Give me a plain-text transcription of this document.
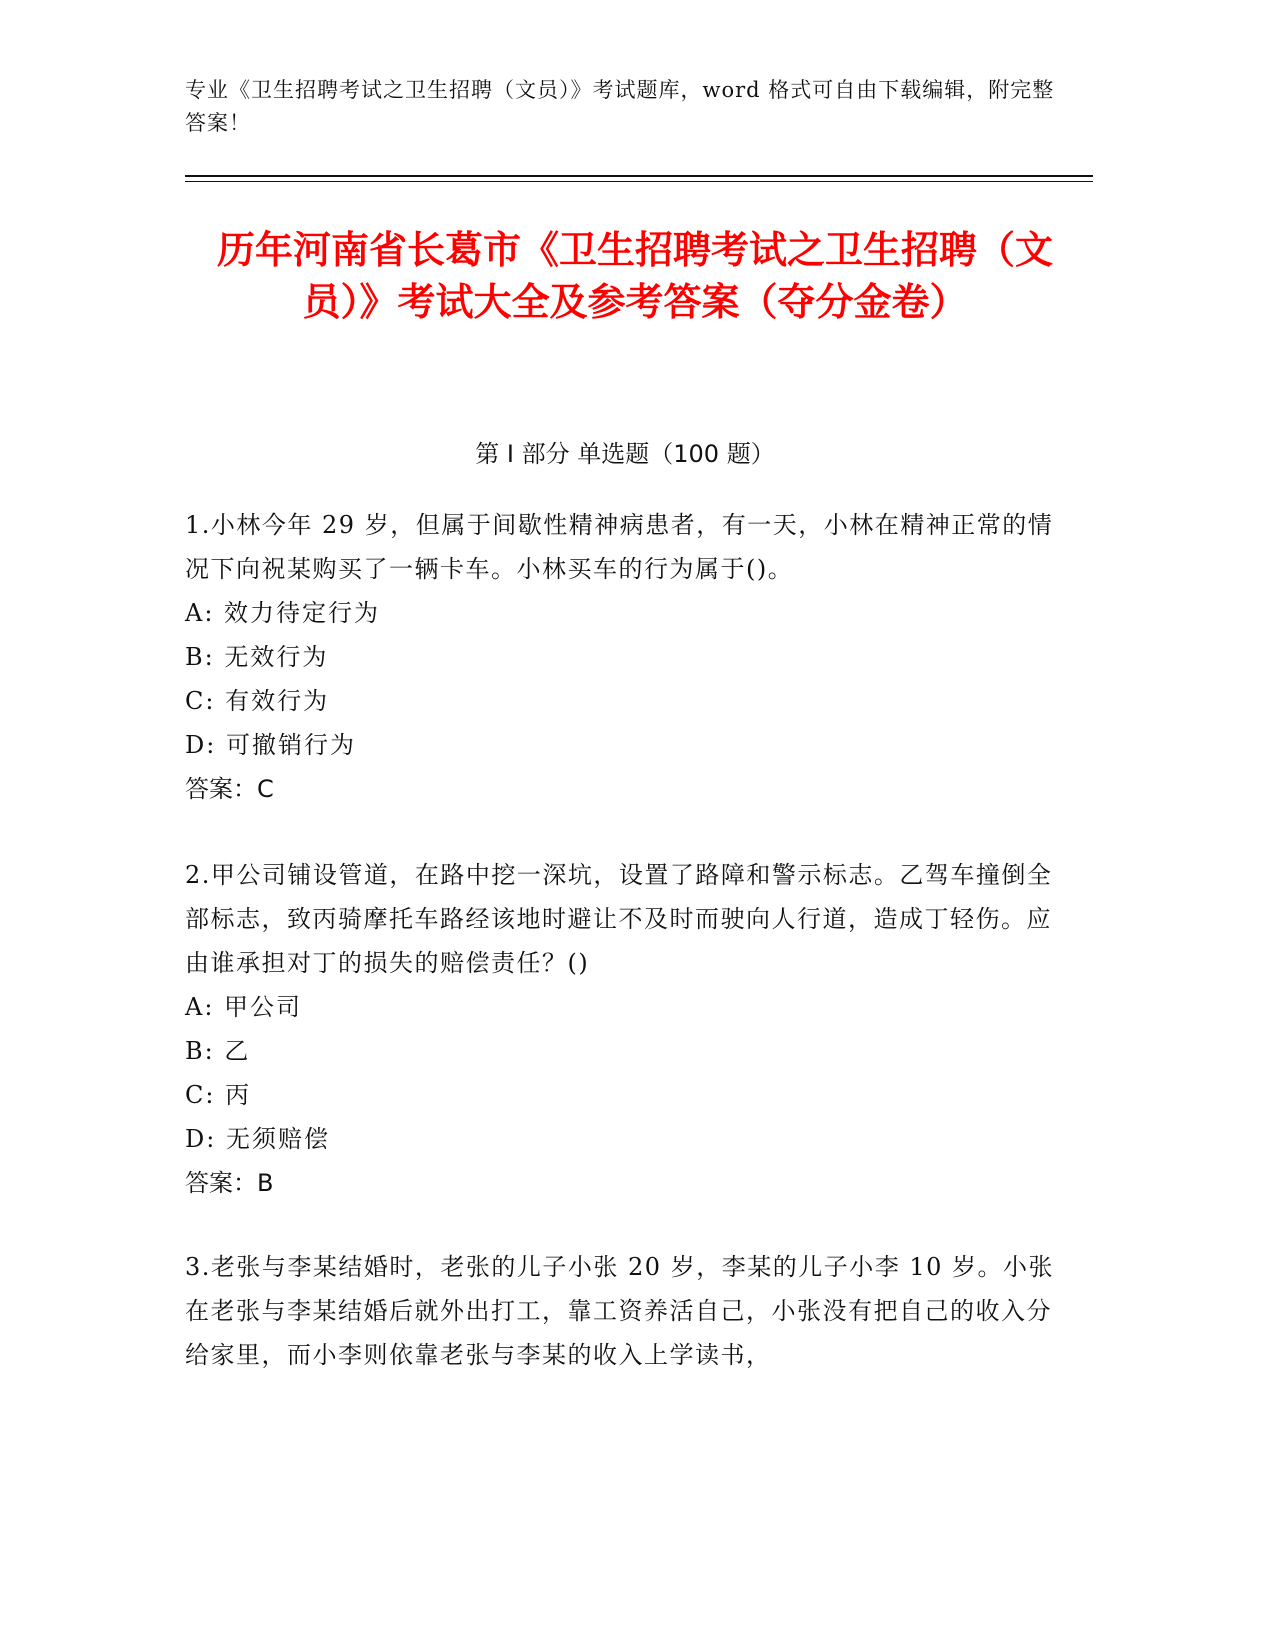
专业《卫生招聘考试之卫生招聘（文员）》考试题库，word 格式可自由下载编辑，附完整答案！
历年河南省长葛市《卫生招聘考试之卫生招聘（文员）》考试大全及参考答案（夺分金卷）
第 I 部分 单选题（100 题）

1.小林今年 29 岁，但属于间歇性精神病患者，有一天，小林在精神正常的情况下向祝某购买了一辆卡车。小林买车的行为属于()。

A: 效力待定行为

B: 无效行为

C: 有效行为

D: 可撤销行为

答案：C

2.甲公司铺设管道，在路中挖一深坑，设置了路障和警示标志。乙驾车撞倒全部标志，致丙骑摩托车路经该地时避让不及时而驶向人行道，造成丁轻伤。应由谁承担对丁的损失的赔偿责任？()

A: 甲公司

B: 乙

C: 丙

D: 无须赔偿

答案：B

3.老张与李某结婚时，老张的儿子小张 20 岁，李某的儿子小李 10 岁。小张在老张与李某结婚后就外出打工，靠工资养活自己，小张没有把自己的收入分给家里，而小李则依靠老张与李某的收入上学读书，
